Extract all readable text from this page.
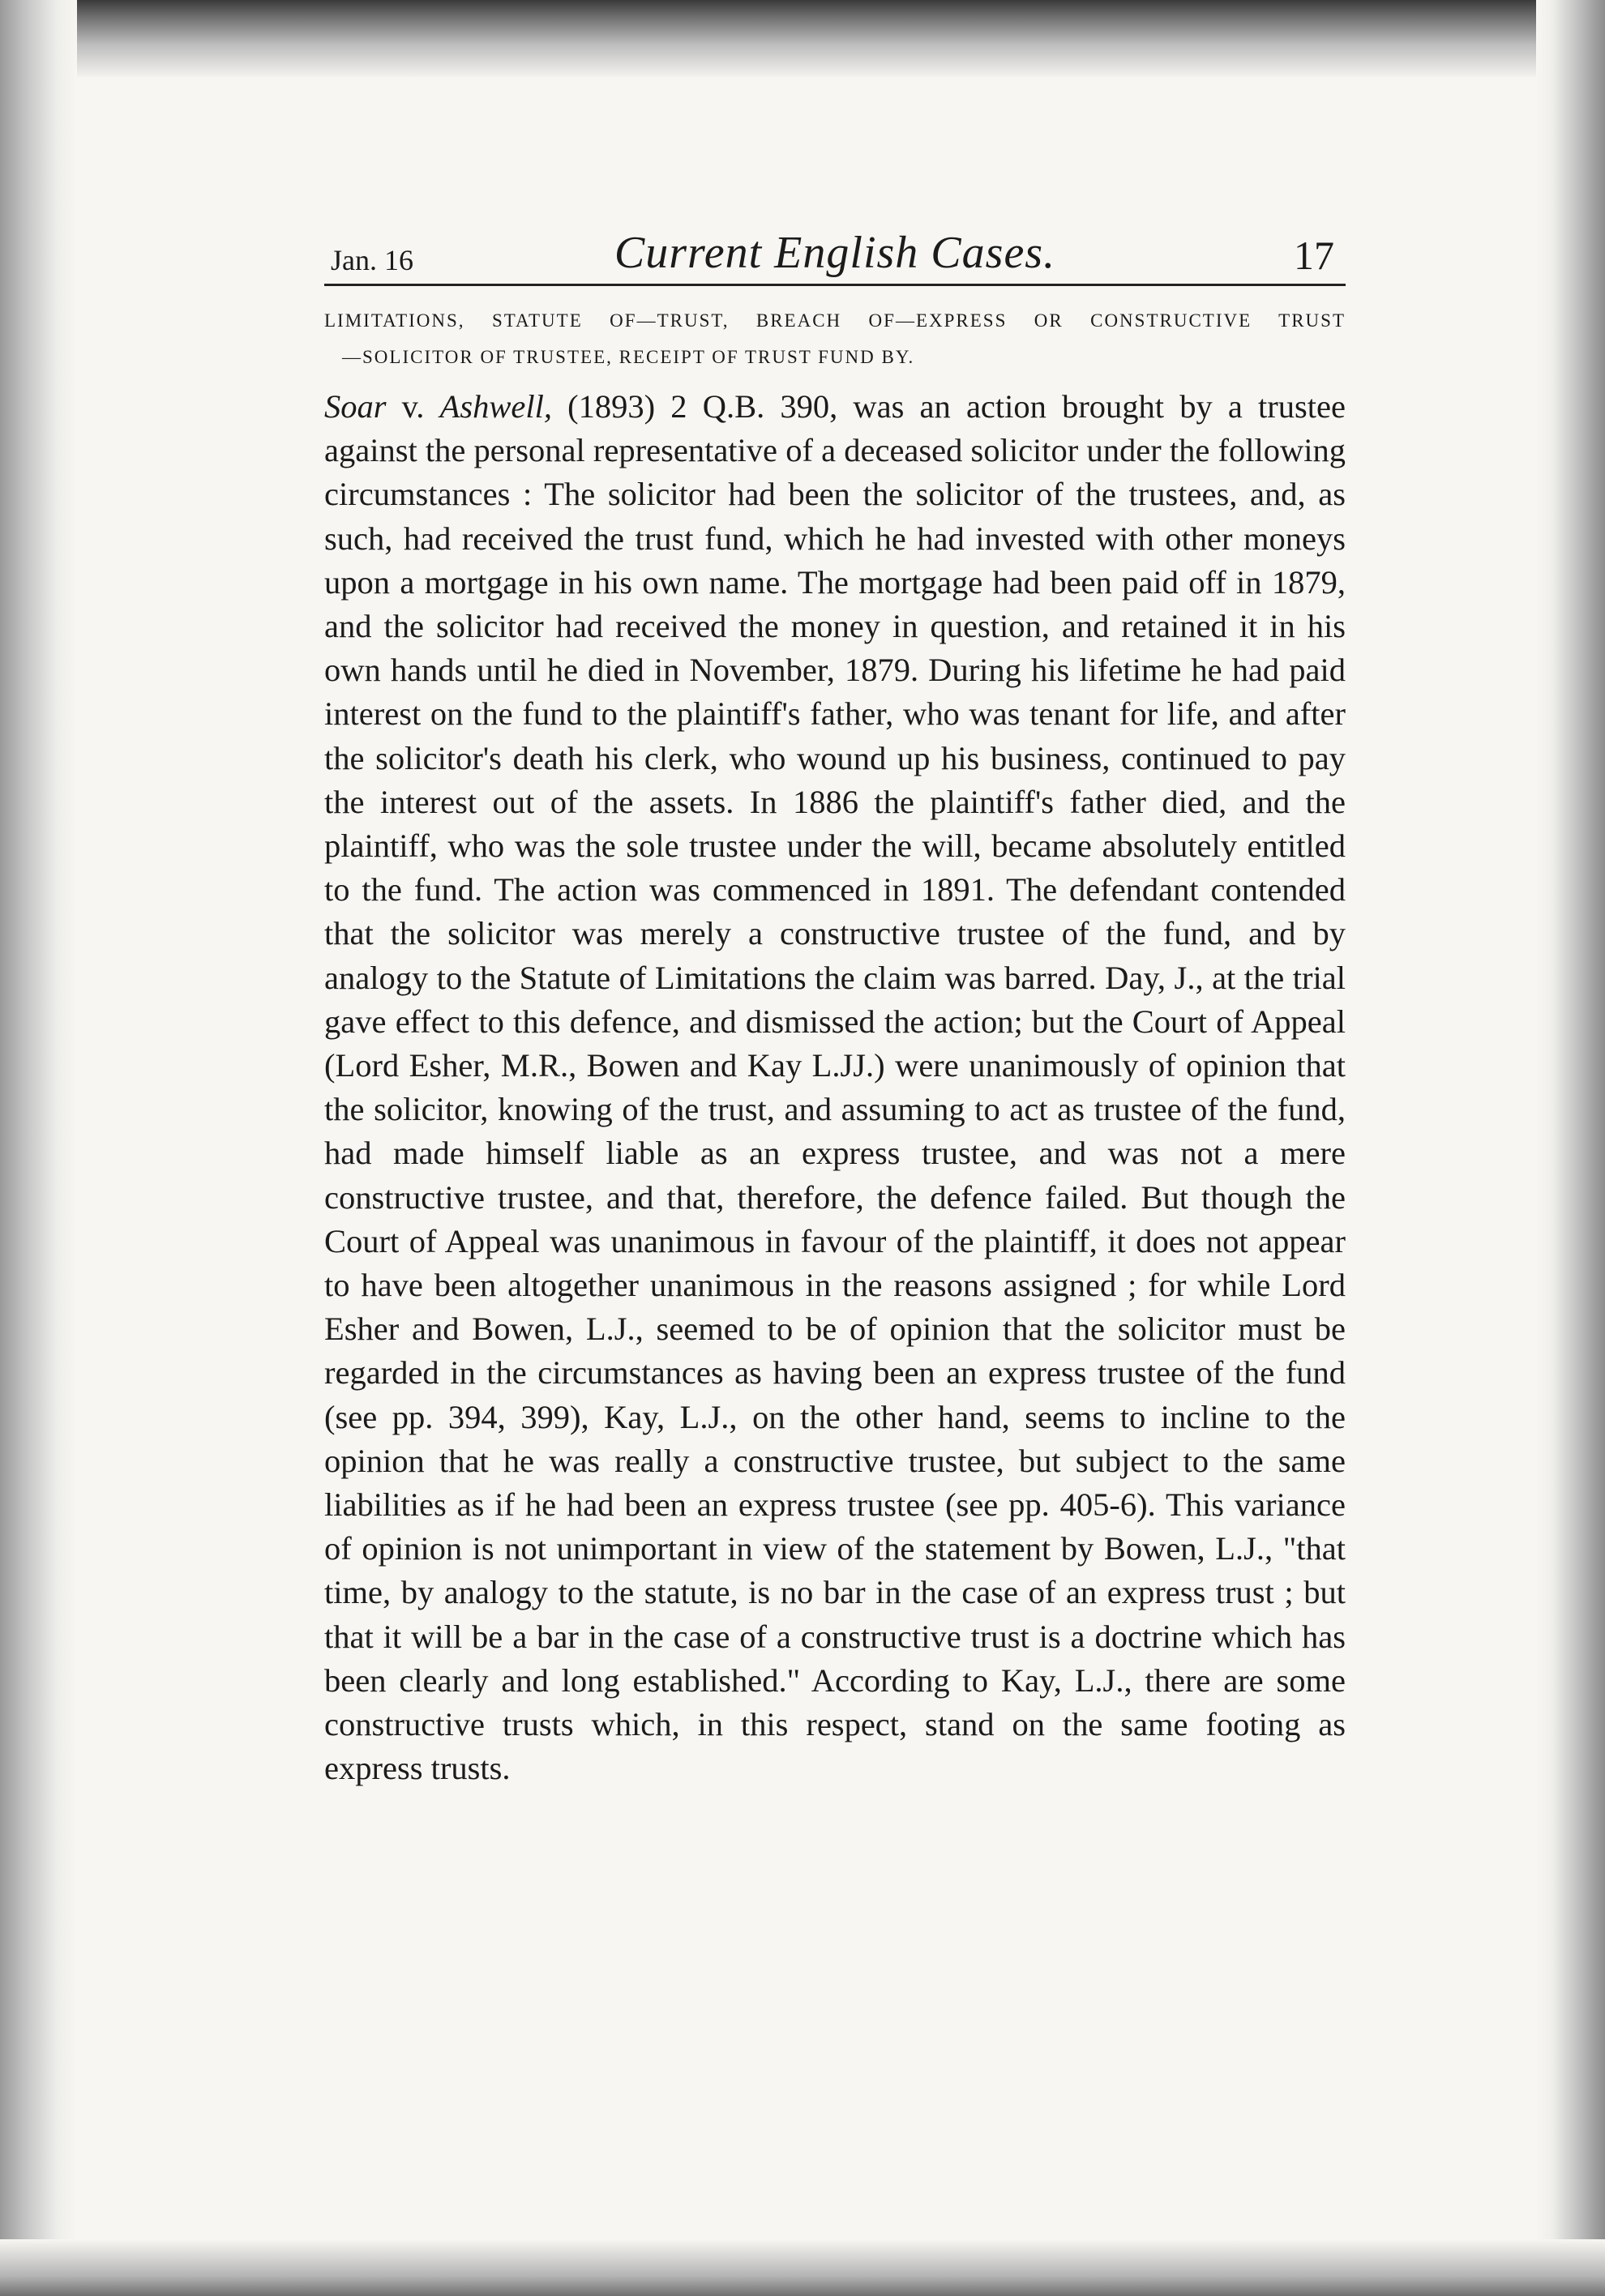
Jan. 16	Current English Cases.	17
LIMITATIONS, STATUTE OF—TRUST, BREACH OF—EXPRESS OR CONSTRUCTIVE TRUST
—SOLICITOR OF TRUSTEE, RECEIPT OF TRUST FUND BY.

Soar v. Ashwell, (1893) 2 Q.B. 390, was an action brought by a trustee against the personal representative of a deceased solicitor under the following circumstances : The solicitor had been the solicitor of the trustees, and, as such, had received the trust fund, which he had invested with other moneys upon a mortgage in his own name. The mortgage had been paid off in 1879, and the solicitor had received the money in question, and retained it in his own hands until he died in November, 1879. During his lifetime he had paid interest on the fund to the plaintiff's father, who was tenant for life, and after the solicitor's death his clerk, who wound up his business, continued to pay the interest out of the assets. In 1886 the plaintiff's father died, and the plaintiff, who was the sole trustee under the will, became absolutely entitled to the fund. The action was commenced in 1891. The defendant contended that the solicitor was merely a constructive trustee of the fund, and by analogy to the Statute of Limitations the claim was barred. Day, J., at the trial gave effect to this defence, and dismissed the action; but the Court of Appeal (Lord Esher, M.R., Bowen and Kay L.JJ.) were unanimously of opinion that the solicitor, knowing of the trust, and assuming to act as trustee of the fund, had made himself liable as an express trustee, and was not a mere constructive trustee, and that, therefore, the defence failed. But though the Court of Appeal was unanimous in favour of the plaintiff, it does not appear to have been altogether unanimous in the reasons assigned ; for while Lord Esher and Bowen, L.J., seemed to be of opinion that the solicitor must be regarded in the circumstances as having been an express trustee of the fund (see pp. 394, 399), Kay, L.J., on the other hand, seems to incline to the opinion that he was really a constructive trustee, but subject to the same liabilities as if he had been an express trustee (see pp. 405-6). This variance of opinion is not unimportant in view of the statement by Bowen, L.J., "that time, by analogy to the statute, is no bar in the case of an express trust ; but that it will be a bar in the case of a constructive trust is a doctrine which has been clearly and long established." According to Kay, L.J., there are some constructive trusts which, in this respect, stand on the same footing as express trusts.
